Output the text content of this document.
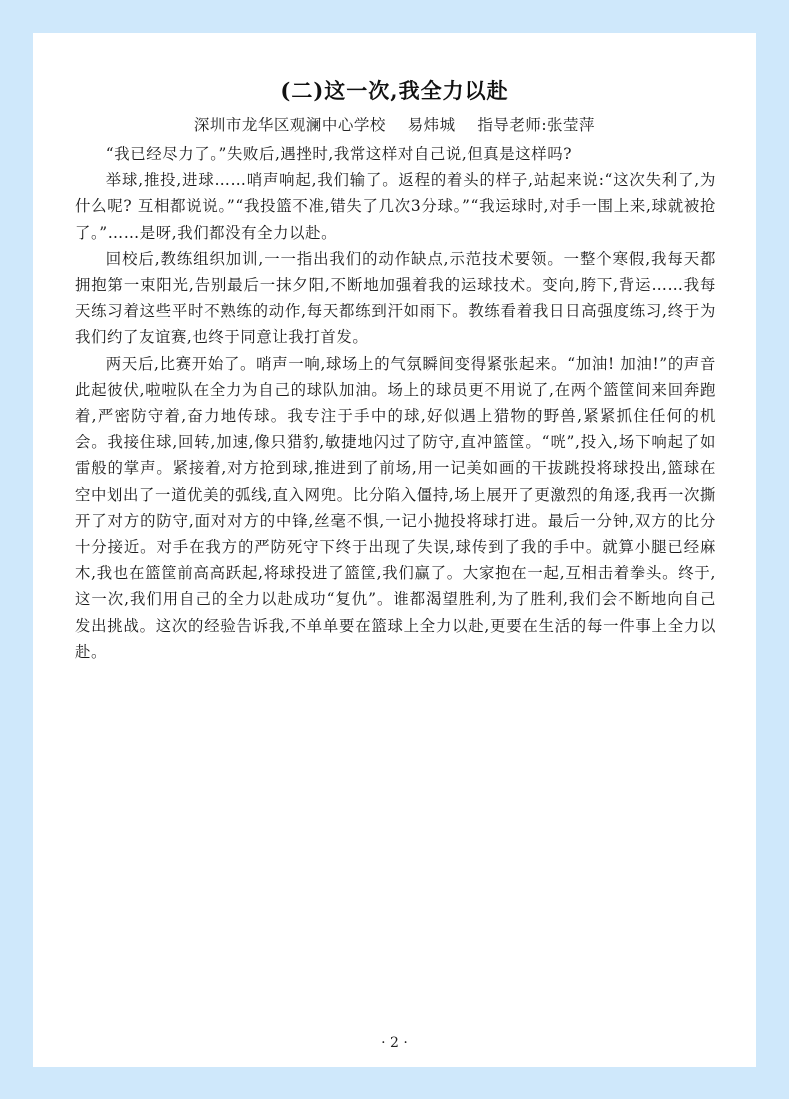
(二)这一次,我全力以赴
深圳市龙华区观澜中心学校    易炜城    指导老师:张莹萍

“我已经尽力了。”失败后,遇挫时,我常这样对自己说,但真是这样吗?

举球,推投,进球……哨声响起,我们输了。返程的着头的样子,站起来说:“这次失利了,为什么呢? 互相都说说。”“我投篮不准,错失了几次3分球。”“我运球时,对手一围上来,球就被抢了。”……是呀,我们都没有全力以赴。

回校后,教练组织加训,一一指出我们的动作缺点,示范技术要领。一整个寒假,我每天都拥抱第一束阳光,告别最后一抹夕阳,不断地加强着我的运球技术。变向,胯下,背运……我每天练习着这些平时不熟练的动作,每天都练到汗如雨下。教练看着我日日高强度练习,终于为我们约了友谊赛,也终于同意让我打首发。

两天后,比赛开始了。哨声一响,球场上的气氛瞬间变得紧张起来。“加油! 加油!”的声音此起彼伏,啦啦队在全力为自己的球队加油。场上的球员更不用说了,在两个篮筐间来回奔跑着,严密防守着,奋力地传球。我专注于手中的球,好似遇上猎物的野兽,紧紧抓住任何的机会。我接住球,回转,加速,像只猎豹,敏捷地闪过了防守,直冲篮筐。“咣”,投入,场下响起了如雷般的掌声。紧接着,对方抢到球,推进到了前场,用一记美如画的干拔跳投将球投出,篮球在空中划出了一道优美的弧线,直入网兜。比分陷入僵持,场上展开了更激烈的角逐,我再一次撕开了对方的防守,面对对方的中锋,丝毫不惧,一记小抛投将球打进。最后一分钟,双方的比分十分接近。对手在我方的严防死守下终于出现了失误,球传到了我的手中。就算小腿已经麻木,我也在篮筐前高高跃起,将球投进了篮筐,我们赢了。大家抱在一起,互相击着拳头。终于,这一次,我们用自己的全力以赴成功“复仇”。谁都渴望胜利,为了胜利,我们会不断地向自己发出挑战。这次的经验告诉我,不单单要在篮球上全力以赴,更要在生活的每一件事上全力以赴。

· 2 ·
